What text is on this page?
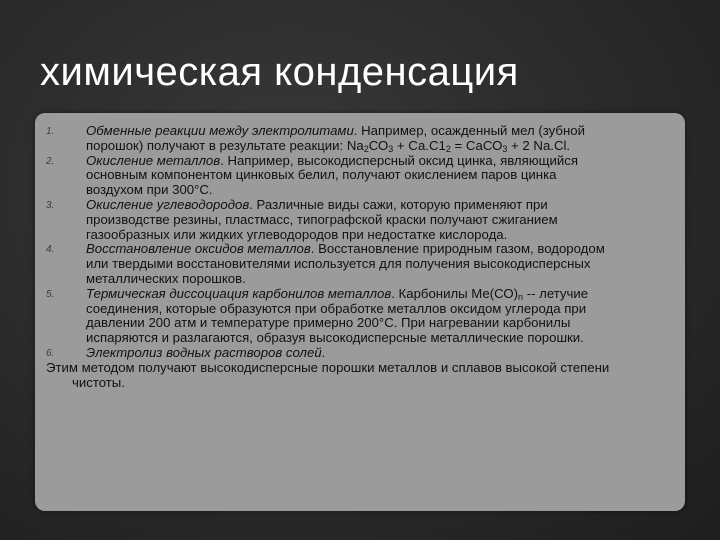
химическая конденсация
1. Обменные реакции между электролитами. Например, осажденный мел (зубной порошок) получают в результате реакции: $Na_2СО_3 + Са.С1_2$ = СаСО$_3$ + 2 Na.Cl.
2. Окисление металлов. Например, высокодисперсный оксид цинка, являющийся основным компонентом цинковых белил, получают окислением паров цинка воздухом при 300°С.
3. Окисление углеводородов. Различные виды сажи, которую применяют при производстве резины, пластмасс, типографской краски получают сжиганием газообразных или жидких углеводородов при недостатке кислорода.
4. Восстановление оксидов металлов. Восстановление природным газом, водородом или твердыми восстановителями используется для получения высокодисперсных металлических порошков.
5. Термическая диссоциация карбонилов металлов. Карбонилы $Ме(СО)_n$ -- летучие соединения, которые образуются при обработке металлов оксидом углерода при давлении 200 атм и температуре примерно 200°С. При нагревании карбонилы испаряются и разлагаются, образуя высокодисперсные металлические порошки.
6. Электролиз водных растворов солей.
Этим методом получают высокодисперсные порошки металлов и сплавов высокой степени чистоты.
